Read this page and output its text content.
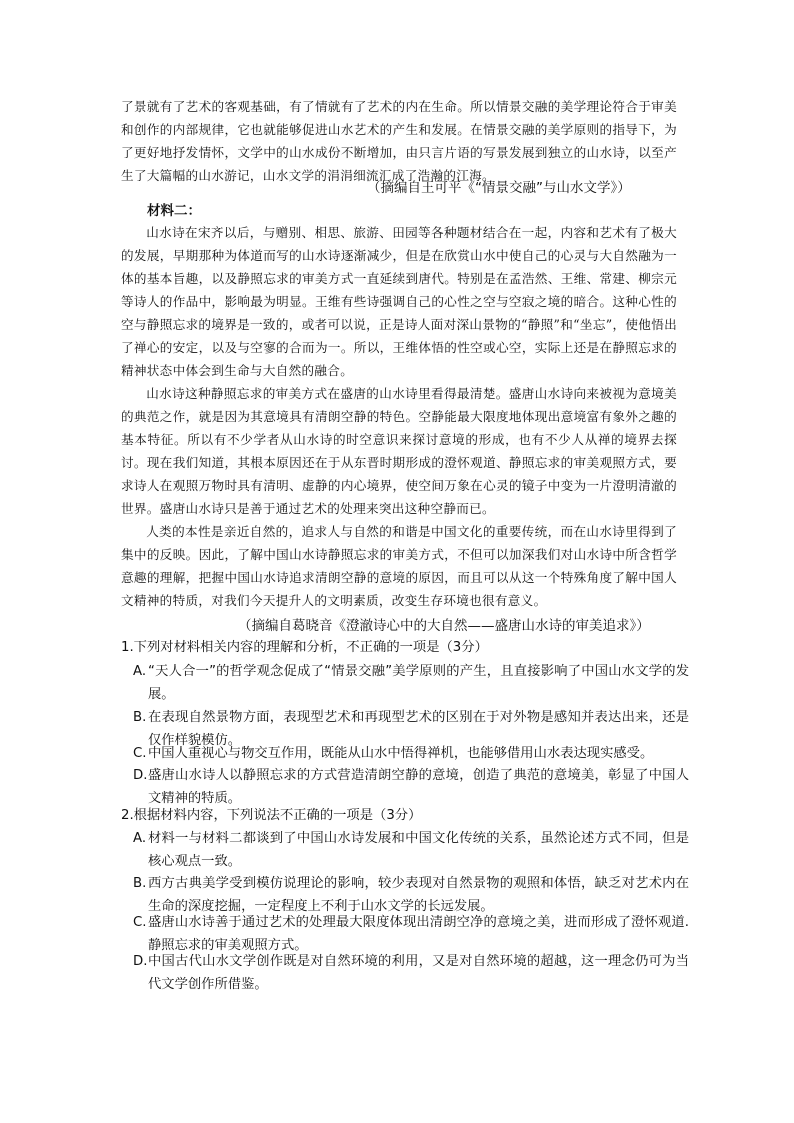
了景就有了艺术的客观基础，有了情就有了艺术的内在生命。所以情景交融的美学理论符合于审美和创作的内部规律，它也就能够促进山水艺术的产生和发展。在情景交融的美学原则的指导下，为了更好地抒发情怀，文学中的山水成份不断增加，由只言片语的写景发展到独立的山水诗，以至产生了大篇幅的山水游记，山水文学的涓涓细流汇成了浩瀚的江海。

（摘编自王可平《“情景交融”与山水文学》）
材料二：

山水诗在宋齐以后，与赠别、相思、旅游、田园等各种题材结合在一起，内容和艺术有了极大的发展，早期那种为体道而写的山水诗逐渐减少，但是在欣赏山水中使自己的心灵与大自然融为一体的基本旨趣，以及静照忘求的审美方式一直延续到唐代。特别是在孟浩然、王维、常建、柳宗元等诗人的作品中，影响最为明显。王维有些诗强调自己的心性之空与空寂之境的暗合。这种心性的空与静照忘求的境界是一致的，或者可以说，正是诗人面对深山景物的“静照”和“坐忘”，使他悟出了禅心的安定，以及与空寥的合而为一。所以，王维体悟的性空或心空，实际上还是在静照忘求的精神状态中体会到生命与大自然的融合。

山水诗这种静照忘求的审美方式在盛唐的山水诗里看得最清楚。盛唐山水诗向来被视为意境美的典范之作，就是因为其意境具有清朗空静的特色。空静能最大限度地体现出意境富有象外之趣的基本特征。所以有不少学者从山水诗的时空意识来探讨意境的形成，也有不少人从禅的境界去探讨。现在我们知道，其根本原因还在于从东晋时期形成的澄怀观道、静照忘求的审美观照方式，要求诗人在观照万物时具有清明、虚静的内心境界，使空间万象在心灵的镜子中变为一片澄明清澈的世界。盛唐山水诗只是善于通过艺术的处理来突出这种空静而已。

人类的本性是亲近自然的，追求人与自然的和谐是中国文化的重要传统，而在山水诗里得到了集中的反映。因此，了解中国山水诗静照忘求的审美方式，不但可以加深我们对山水诗中所含哲学意趣的理解，把握中国山水诗追求清朗空静的意境的原因，而且可以从这一个特殊角度了解中国人文精神的特质，对我们今天提升人的文明素质，改变生存环境也很有意义。

（摘编自葛晓音《澄澈诗心中的大自然——盛唐山水诗的审美追求》）
1.下列对材料相关内容的理解和分析，不正确的一项是（3分）
A. “天人合一”的哲学观念促成了“情景交融”美学原则的产生，且直接影响了中国山水文学的发展。
B. 在表现自然景物方面，表现型艺术和再现型艺术的区别在于对外物是感知并表达出来，还是仅作样貌模仿。
C. 中国人重视心与物交互作用，既能从山水中悟得禅机，也能够借用山水表达现实感受。
D. 盛唐山水诗人以静照忘求的方式营造清朗空静的意境，创造了典范的意境美，彰显了中国人文精神的特质。
2.根据材料内容，下列说法不正确的一项是（3分）
A. 材料一与材料二都谈到了中国山水诗发展和中国文化传统的关系，虽然论述方式不同，但是核心观点一致。
B. 西方古典美学受到模仿说理论的影响，较少表现对自然景物的观照和体悟，缺乏对艺术内在生命的深度挖掘，一定程度上不利于山水文学的长远发展。
C. 盛唐山水诗善于通过艺术的处理最大限度体现出清朗空净的意境之美，进而形成了澄怀观道.静照忘求的审美观照方式。
D. 中国古代山水文学创作既是对自然环境的利用，又是对自然环境的超越，这一理念仍可为当代文学创作所借鉴。
